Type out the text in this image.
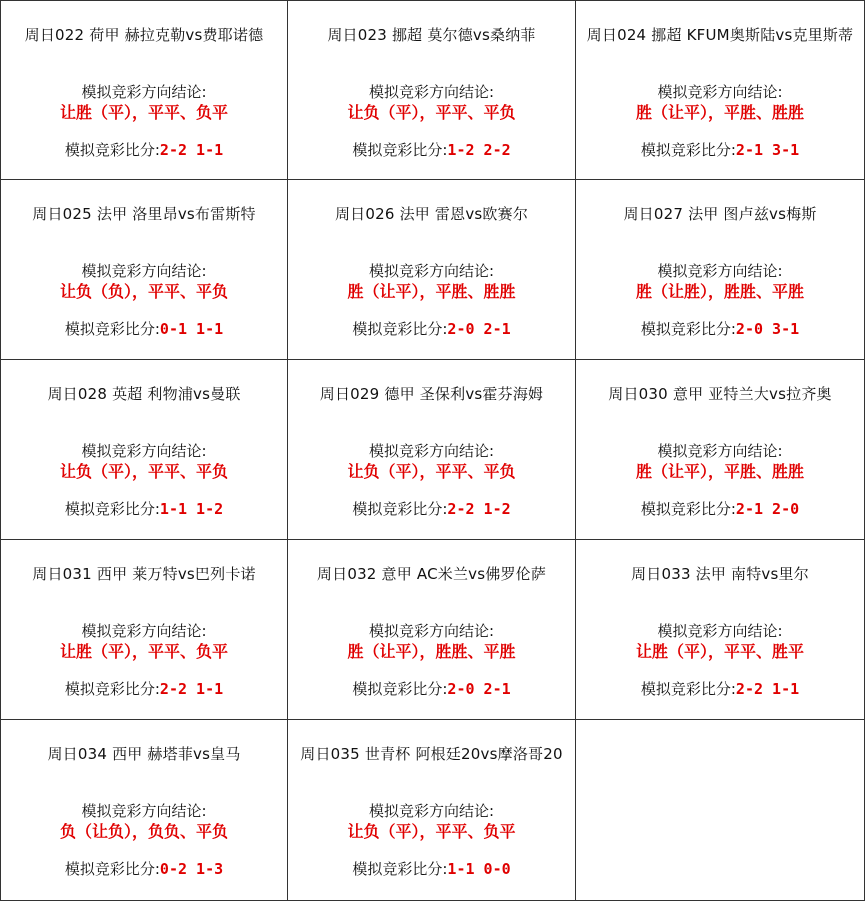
周日022 荷甲 赫拉克勒vs费耶诺德
模拟竞彩方向结论:
让胜（平），平平、负平
模拟竞彩比分:2-2 1-1
周日023 挪超 莫尔德vs桑纳菲
模拟竞彩方向结论:
让负（平），平平、平负
模拟竞彩比分:1-2 2-2
周日024 挪超 KFUM奥斯陆vs克里斯蒂
模拟竞彩方向结论:
胜（让平），平胜、胜胜
模拟竞彩比分:2-1 3-1
周日025 法甲 洛里昂vs布雷斯特
模拟竞彩方向结论:
让负（负），平平、平负
模拟竞彩比分:0-1 1-1
周日026 法甲 雷恩vs欧赛尔
模拟竞彩方向结论:
胜（让平），平胜、胜胜
模拟竞彩比分:2-0 2-1
周日027 法甲 图卢兹vs梅斯
模拟竞彩方向结论:
胜（让胜），胜胜、平胜
模拟竞彩比分:2-0 3-1
周日028 英超 利物浦vs曼联
模拟竞彩方向结论:
让负（平），平平、平负
模拟竞彩比分:1-1 1-2
周日029 德甲 圣保利vs霍芬海姆
模拟竞彩方向结论:
让负（平），平平、平负
模拟竞彩比分:2-2 1-2
周日030 意甲 亚特兰大vs拉齐奥
模拟竞彩方向结论:
胜（让平），平胜、胜胜
模拟竞彩比分:2-1 2-0
周日031 西甲 莱万特vs巴列卡诺
模拟竞彩方向结论:
让胜（平），平平、负平
模拟竞彩比分:2-2 1-1
周日032 意甲 AC米兰vs佛罗伦萨
模拟竞彩方向结论:
胜（让平），胜胜、平胜
模拟竞彩比分:2-0 2-1
周日033 法甲 南特vs里尔
模拟竞彩方向结论:
让胜（平），平平、胜平
模拟竞彩比分:2-2 1-1
周日034 西甲 赫塔菲vs皇马
模拟竞彩方向结论:
负（让负），负负、平负
模拟竞彩比分:0-2 1-3
周日035 世青杯 阿根廷20vs摩洛哥20
模拟竞彩方向结论:
让负（平），平平、负平
模拟竞彩比分:1-1 0-0
